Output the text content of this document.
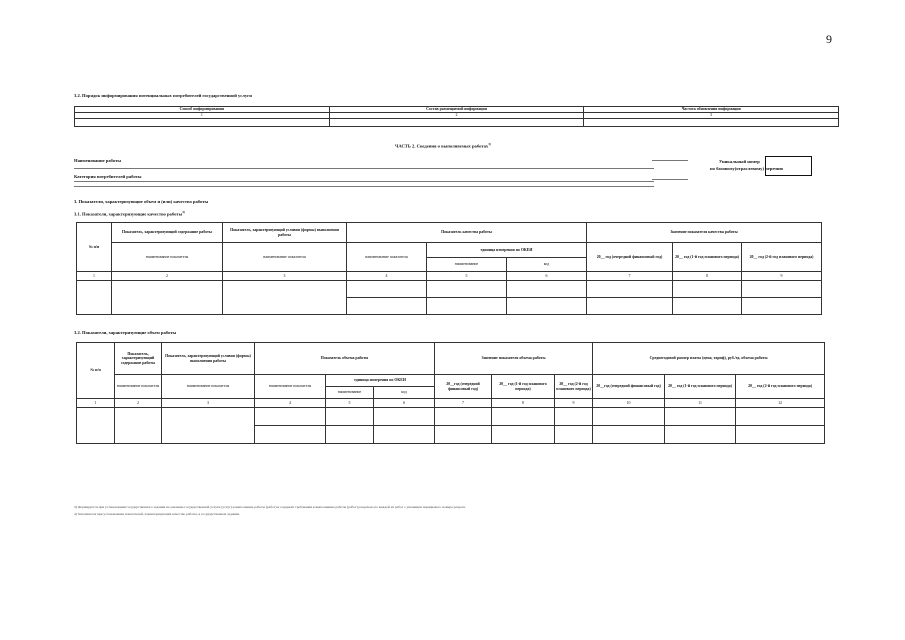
9
3.2. Порядок информирования потенциальных потребителей государственной услуги
Способ информирования	Состав размещаемой информации	Частота обновления информации
1	2	3

ЧАСТЬ 2. Сведения о выполняемых работах$^{3)}$
Наименование работы
Категория потребителей работы
Уникальный номер
по базовому(отраслевому) перечню
3. Показатели, характеризующие объем и (или) качество работы
3.1. Показатели, характеризующие качество работы$^{4)}$
№ п/п	Показатель, характеризующий содержание работы	Показатель, характеризующий условия (формы) выполнения работы	Показатель качества работы			Значение показателя качества работы		
	наименование показателя	наименование показателя	наименование показателя	единица измерения по ОКЕИ		20__ год (очередной финансовый год)	20__ год (1-й год планового периода)	20__ год (2-й год планового периода)
				наименование	код			
1	2	3	4	5	6	7	8	9

3.2. Показатели, характеризующие объем работы
№ п/п	Показатель, характеризующий содержание работы	Показатель, характеризующий условия (формы) выполнения работы	Показатель объема работы			Значение показателя объема работы			Среднегодовой размер платы (цена, тариф), руб./ед. объема работы		
	наименование показателя	наименование показателя	наименование показателя	единица измерения по ОКЕИ		20__год (очередной финансовый год)	20__ год (1-й год планового периода)	20__ год (2-й год планового периода)	20__год (очередной финансовый год)	20__ год (1-й год планового периода)	20__ год (2-й год планового периода)
				наименование	код						
1	2	3	4	5	6	7	8	9	10	11	12

3) Формируется при установлении государственного задания на оказание государственной услуги (услуг) и выполнение работы (работ) и содержит требования к выполнению работы (работ) раздельно по каждой из работ с указанием порядкового номера раздела.
4) Заполняется при установлении показателей, характеризующих качество работы, в государственном задании.
